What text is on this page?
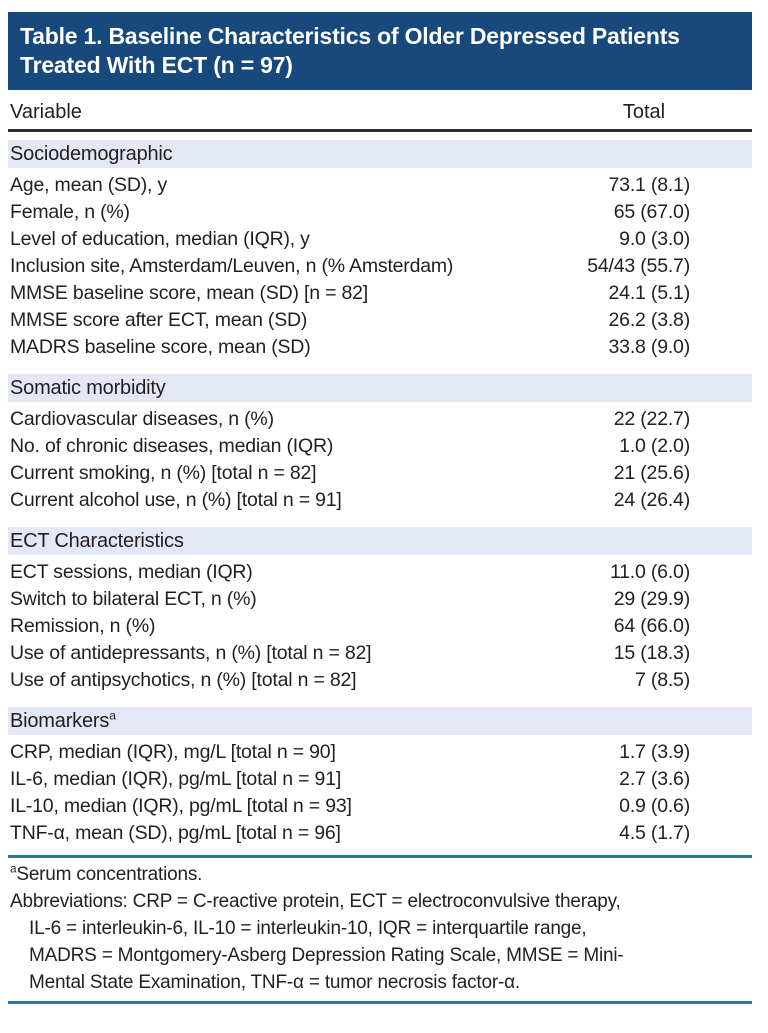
Table 1. Baseline Characteristics of Older Depressed Patients Treated With ECT (n = 97)
Variable	Total
Sociodemographic
Age, mean (SD), y	73.1 (8.1)
Female, n (%)	65 (67.0)
Level of education, median (IQR), y	9.0 (3.0)
Inclusion site, Amsterdam/Leuven, n (% Amsterdam)	54/43 (55.7)
MMSE baseline score, mean (SD) [n = 82]	24.1 (5.1)
MMSE score after ECT, mean (SD)	26.2 (3.8)
MADRS baseline score, mean (SD)	33.8 (9.0)
Somatic morbidity
Cardiovascular diseases, n (%)	22 (22.7)
No. of chronic diseases, median (IQR)	1.0 (2.0)
Current smoking, n (%) [total n = 82]	21 (25.6)
Current alcohol use, n (%) [total n = 91]	24 (26.4)
ECT Characteristics
ECT sessions, median (IQR)	11.0 (6.0)
Switch to bilateral ECT, n (%)	29 (29.9)
Remission, n (%)	64 (66.0)
Use of antidepressants, n (%) [total n = 82]	15 (18.3)
Use of antipsychotics, n (%) [total n = 82]	7 (8.5)
Biomarkers$^a$
CRP, median (IQR), mg/L [total n = 90]	1.7 (3.9)
IL-6, median (IQR), pg/mL [total n = 91]	2.7 (3.6)
IL-10, median (IQR), pg/mL [total n = 93]	0.9 (0.6)
TNF-α, mean (SD), pg/mL [total n = 96]	4.5 (1.7)
$^a$Serum concentrations.
Abbreviations: CRP = C-reactive protein, ECT = electroconvulsive therapy,
IL-6 = interleukin-6, IL-10 = interleukin-10, IQR = interquartile range,
MADRS = Montgomery-Asberg Depression Rating Scale, MMSE = Mini-
Mental State Examination, TNF-α = tumor necrosis factor-α.
